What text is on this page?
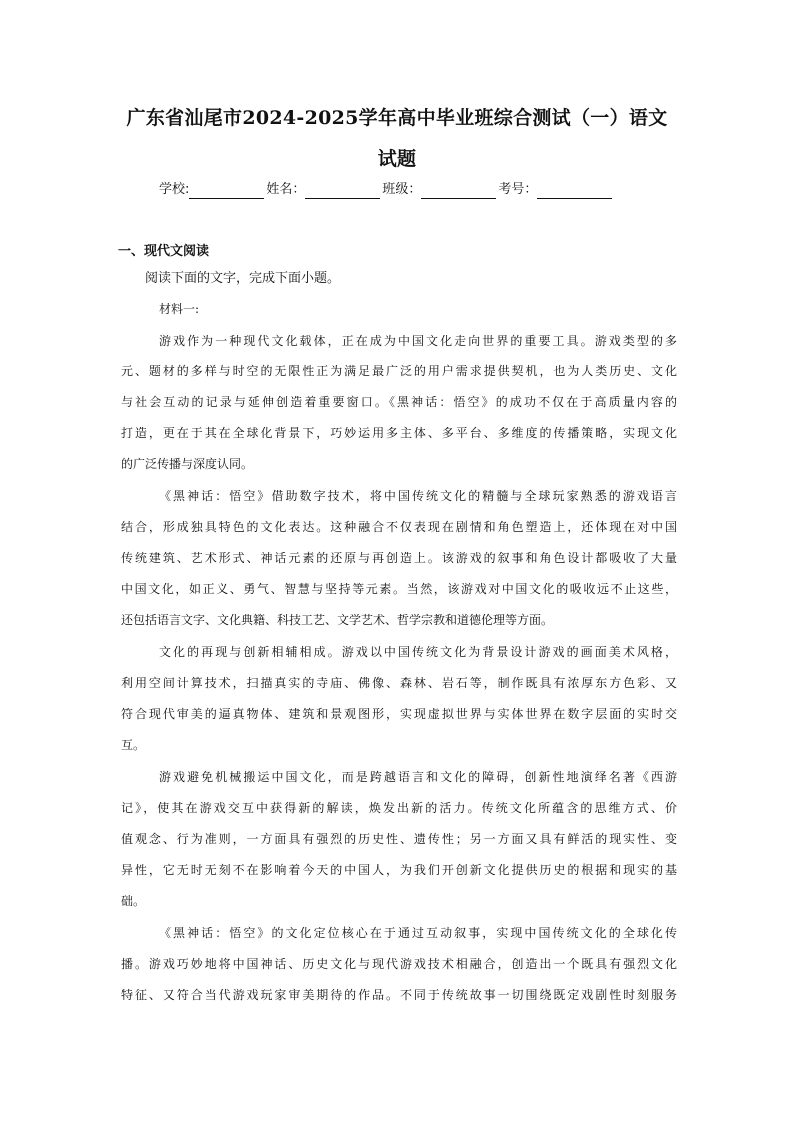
广东省汕尾市2024-2025学年高中毕业班综合测试（一）语文
试题
学校:	姓名：	班级：	考号：
一、现代文阅读
阅读下面的文字，完成下面小题。
材料一:
游戏作为一种现代文化载体，正在成为中国文化走向世界的重要工具。游戏类型的多
元、题材的多样与时空的无限性正为满足最广泛的用户需求提供契机，也为人类历史、文化
与社会互动的记录与延伸创造着重要窗口。《黑神话：悟空》的成功不仅在于高质量内容的
打造，更在于其在全球化背景下，巧妙运用多主体、多平台、多维度的传播策略，实现文化
的广泛传播与深度认同。
《黑神话：悟空》借助数字技术，将中国传统文化的精髓与全球玩家熟悉的游戏语言
结合，形成独具特色的文化表达。这种融合不仅表现在剧情和角色塑造上，还体现在对中国
传统建筑、艺术形式、神话元素的还原与再创造上。该游戏的叙事和角色设计都吸收了大量
中国文化，如正义、勇气、智慧与坚持等元素。当然，该游戏对中国文化的吸收远不止这些，
还包括语言文字、文化典籍、科技工艺、文学艺术、哲学宗教和道德伦理等方面。
文化的再现与创新相辅相成。游戏以中国传统文化为背景设计游戏的画面美术风格，
利用空间计算技术，扫描真实的寺庙、佛像、森林、岩石等，制作既具有浓厚东方色彩、又
符合现代审美的逼真物体、建筑和景观图形，实现虚拟世界与实体世界在数字层面的实时交
互。
游戏避免机械搬运中国文化，而是跨越语言和文化的障碍，创新性地演绎名著《西游
记》，使其在游戏交互中获得新的解读，焕发出新的活力。传统文化所蕴含的思维方式、价
值观念、行为准则，一方面具有强烈的历史性、遗传性；另一方面又具有鲜活的现实性、变
异性，它无时无刻不在影响着今天的中国人，为我们开创新文化提供历史的根据和现实的基
础。
《黑神话：悟空》的文化定位核心在于通过互动叙事，实现中国传统文化的全球化传
播。游戏巧妙地将中国神话、历史文化与现代游戏技术相融合，创造出一个既具有强烈文化
特征、又符合当代游戏玩家审美期待的作品。不同于传统故事一切围绕既定戏剧性时刻服务
